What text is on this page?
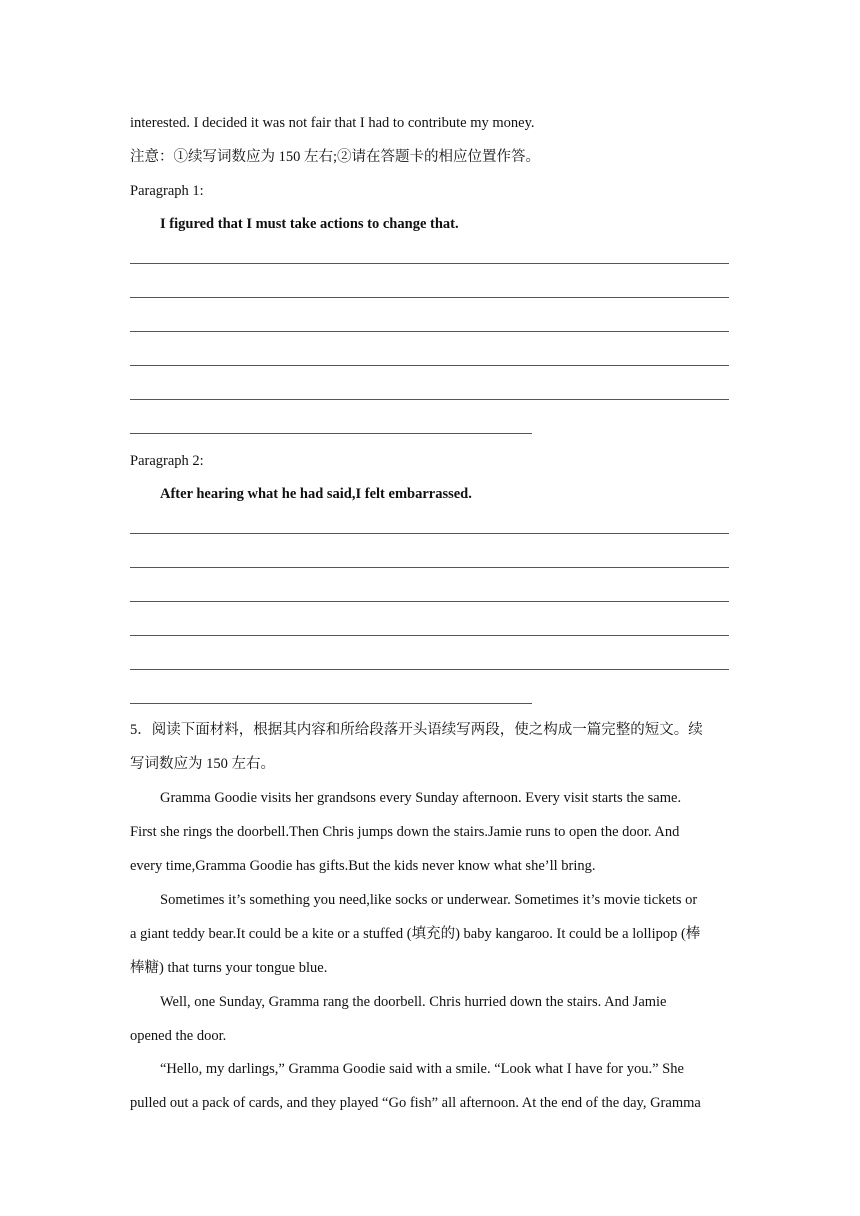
interested. I decided it was not fair that I had to contribute my money.
注意：①续写词数应为 150 左右;②请在答题卡的相应位置作答。
Paragraph 1:
I figured that I must take actions to change that.
Paragraph 2:
After hearing what he had said,I felt embarrassed.
5．阅读下面材料，根据其内容和所给段落开头语续写两段，使之构成一篇完整的短文。续
写词数应为 150 左右。
Gramma Goodie visits her grandsons every Sunday afternoon. Every visit starts the same.
First she rings the doorbell.Then Chris jumps down the stairs.Jamie runs to open the door. And
every time,Gramma Goodie has gifts.But the kids never know what she’ll bring.
Sometimes it’s something you need,like socks or underwear. Sometimes it’s movie tickets or
a giant teddy bear.It could be a kite or a stuffed (填充的) baby kangaroo. It could be a lollipop (棒
棒糖) that turns your tongue blue.
Well, one Sunday, Gramma rang the doorbell. Chris hurried down the stairs. And Jamie
opened the door.
“Hello, my darlings,” Gramma Goodie said with a smile. “Look what I have for you.” She
pulled out a pack of cards, and they played “Go fish” all afternoon. At the end of the day, Gramma
